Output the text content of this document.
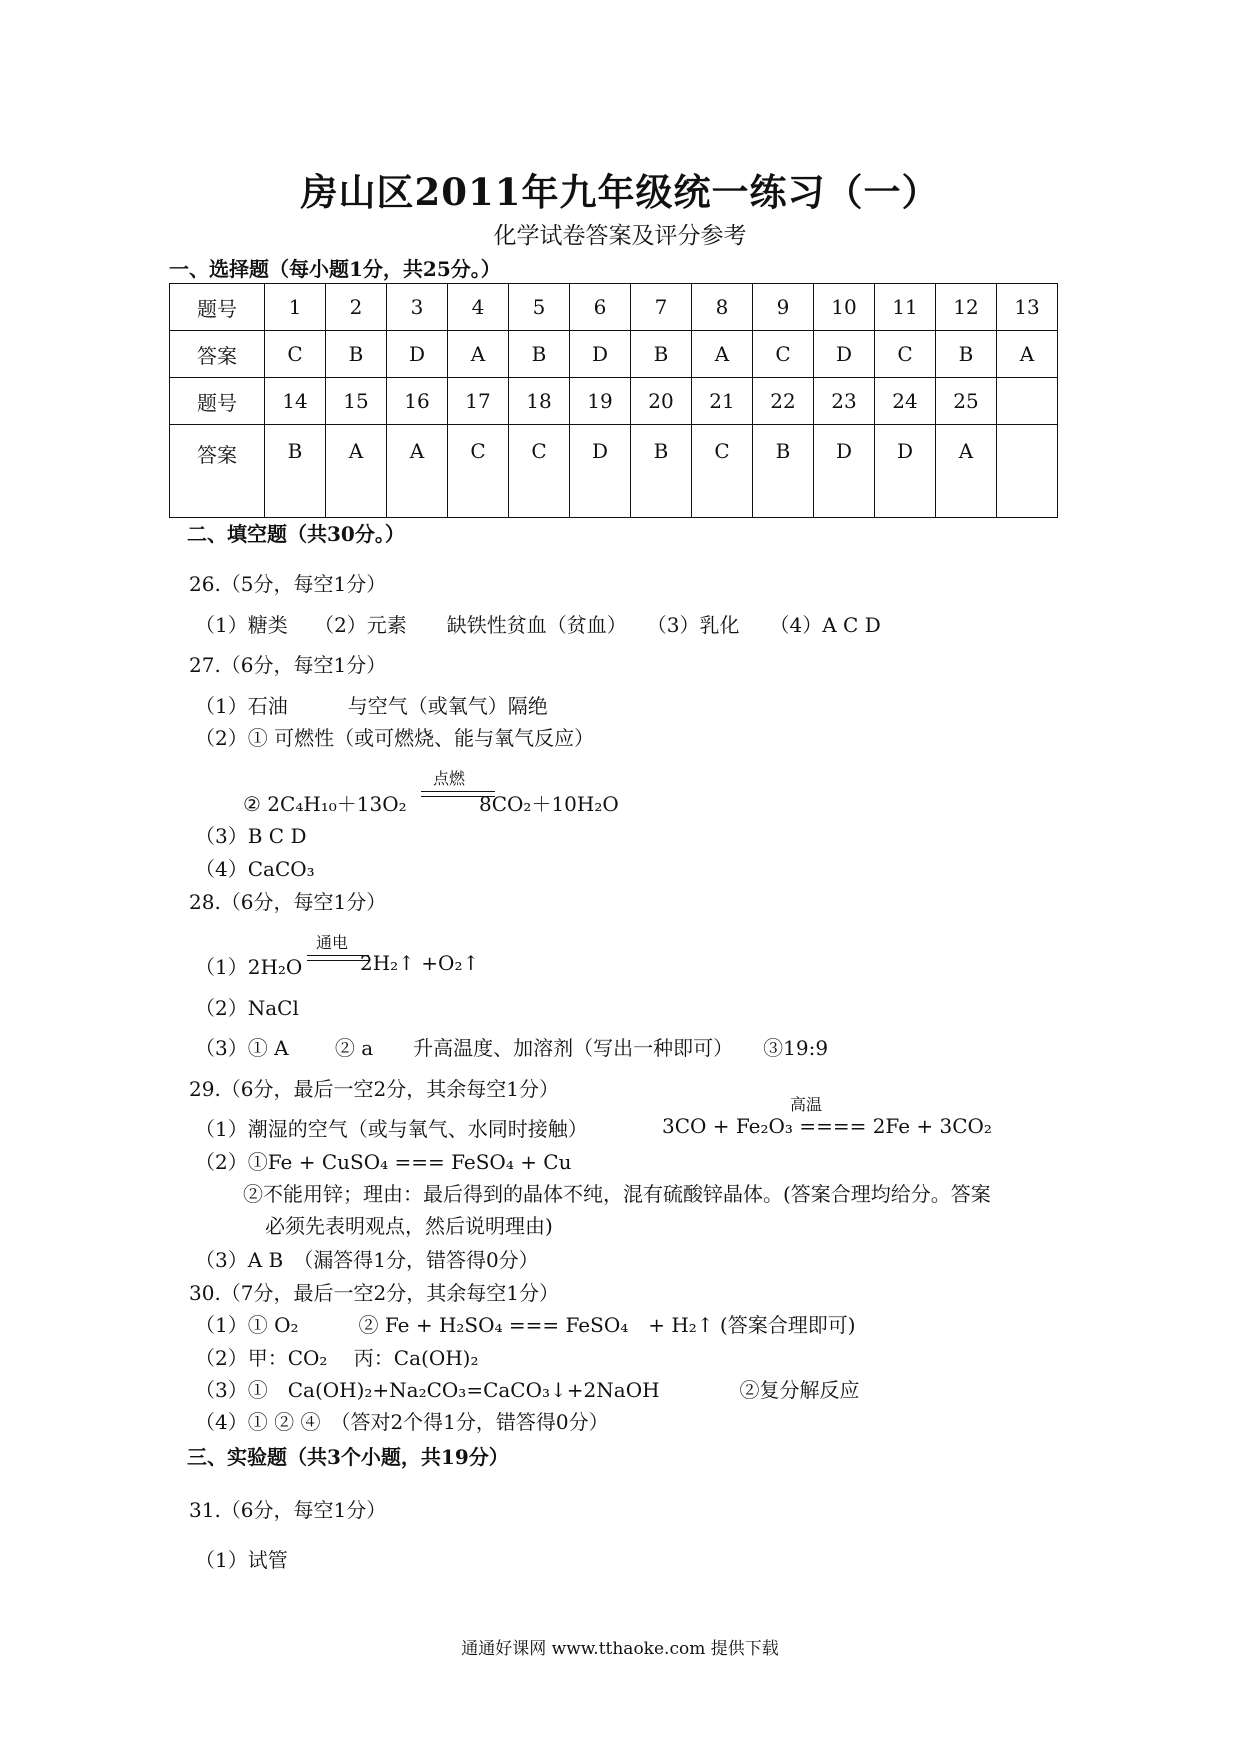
房山区2011年九年级统一练习（一）
化学试卷答案及评分参考
一、选择题（每小题1分，共25分。）
题号	1	2	3	4	5	6	7	8	9	10	11	12	13
答案	C	B	D	A	B	D	B	A	C	D	C	B	A
题号	14	15	16	17	18	19	20	21	22	23	24	25	
答案	B	A	A	C	C	D	B	C	B	D	D	A	
二、填空题（共30分。）
26.（5分，每空1分）
（1）糖类　 （2）元素　　缺铁性贫血（贫血）　　（3）乳化　　（4）A C D
27.（6分，每空1分）
（1）石油　　　与空气（或氧气）隔绝
（2）① 可燃性（或可燃烧、能与氧气反应）
② 2C₄H₁₀＋13O₂
点燃
8CO₂＋10H₂O
（3）B C D
（4）CaCO₃
28.（6分，每空1分）
（1）2H₂O
通电
2H₂↑ +O₂↑
（2）NaCl
（3）① A　　 ② a　　升高温度、加溶剂（写出一种即可）　　③19:9
29.（6分，最后一空2分，其余每空1分）
（1）潮湿的空气（或与氧气、水同时接触）
高温
3CO + Fe₂O₃ ==== 2Fe + 3CO₂
（2）①Fe + CuSO₄ === FeSO₄ + Cu
②不能用锌；理由：最后得到的晶体不纯，混有硫酸锌晶体。(答案合理均给分。答案
必须先表明观点，然后说明理由)
（3）A B　（漏答得1分，错答得0分）
30.（7分，最后一空2分，其余每空1分）
（1）① O₂　　　② Fe + H₂SO₄ === FeSO₄　+ H₂↑ (答案合理即可)
（2）甲：CO₂　 丙：Ca(OH)₂
（3）①　Ca(OH)₂+Na₂CO₃=CaCO₃↓+2NaOH　　　　②复分解反应
（4）① ② ④　（答对2个得1分，错答得0分）
三、实验题（共3个小题，共19分）
31.（6分，每空1分）
（1）试管
通通好课网 www.tthaoke.com 提供下载
